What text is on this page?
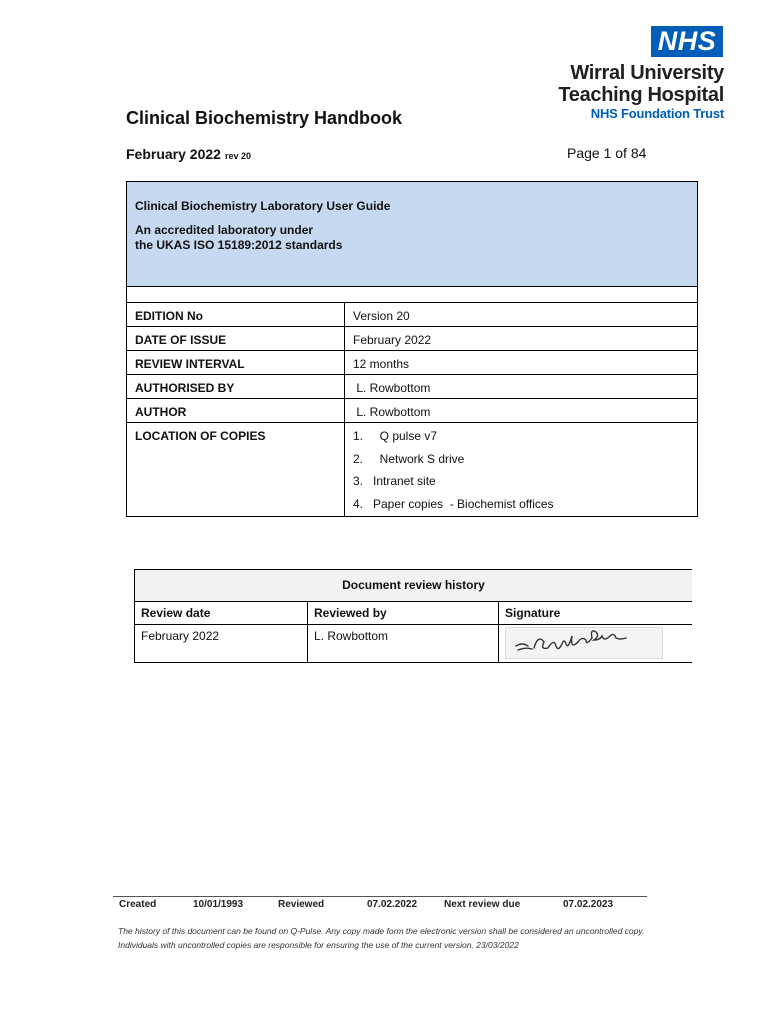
NHS
Wirral University
Teaching Hospital
NHS Foundation Trust
Clinical Biochemistry Handbook
February 2022 rev 20	Page 1 of 84
Clinical Biochemistry Laboratory User Guide
An accredited laboratory under
the UKAS ISO 15189:2012 standards
EDITION No	Version 20
DATE OF ISSUE	February 2022
REVIEW INTERVAL	12 months
AUTHORISED BY	L. Rowbottom
AUTHOR	L. Rowbottom
LOCATION OF COPIES	1. Q pulse v7
2. Network S drive
3. Intranet site
4. Paper copies  - Biochemist offices
Document review history
Review date	Reviewed by	Signature
February 2022	L. Rowbottom
Created	10/01/1993	Reviewed	07.02.2022	Next review due	07.02.2023
The history of this document can be found on Q-Pulse. Any copy made form the electronic version shall be considered an uncontrolled copy. Individuals with uncontrolled copies are responsible for ensuring the use of the current version. 23/03/2022
